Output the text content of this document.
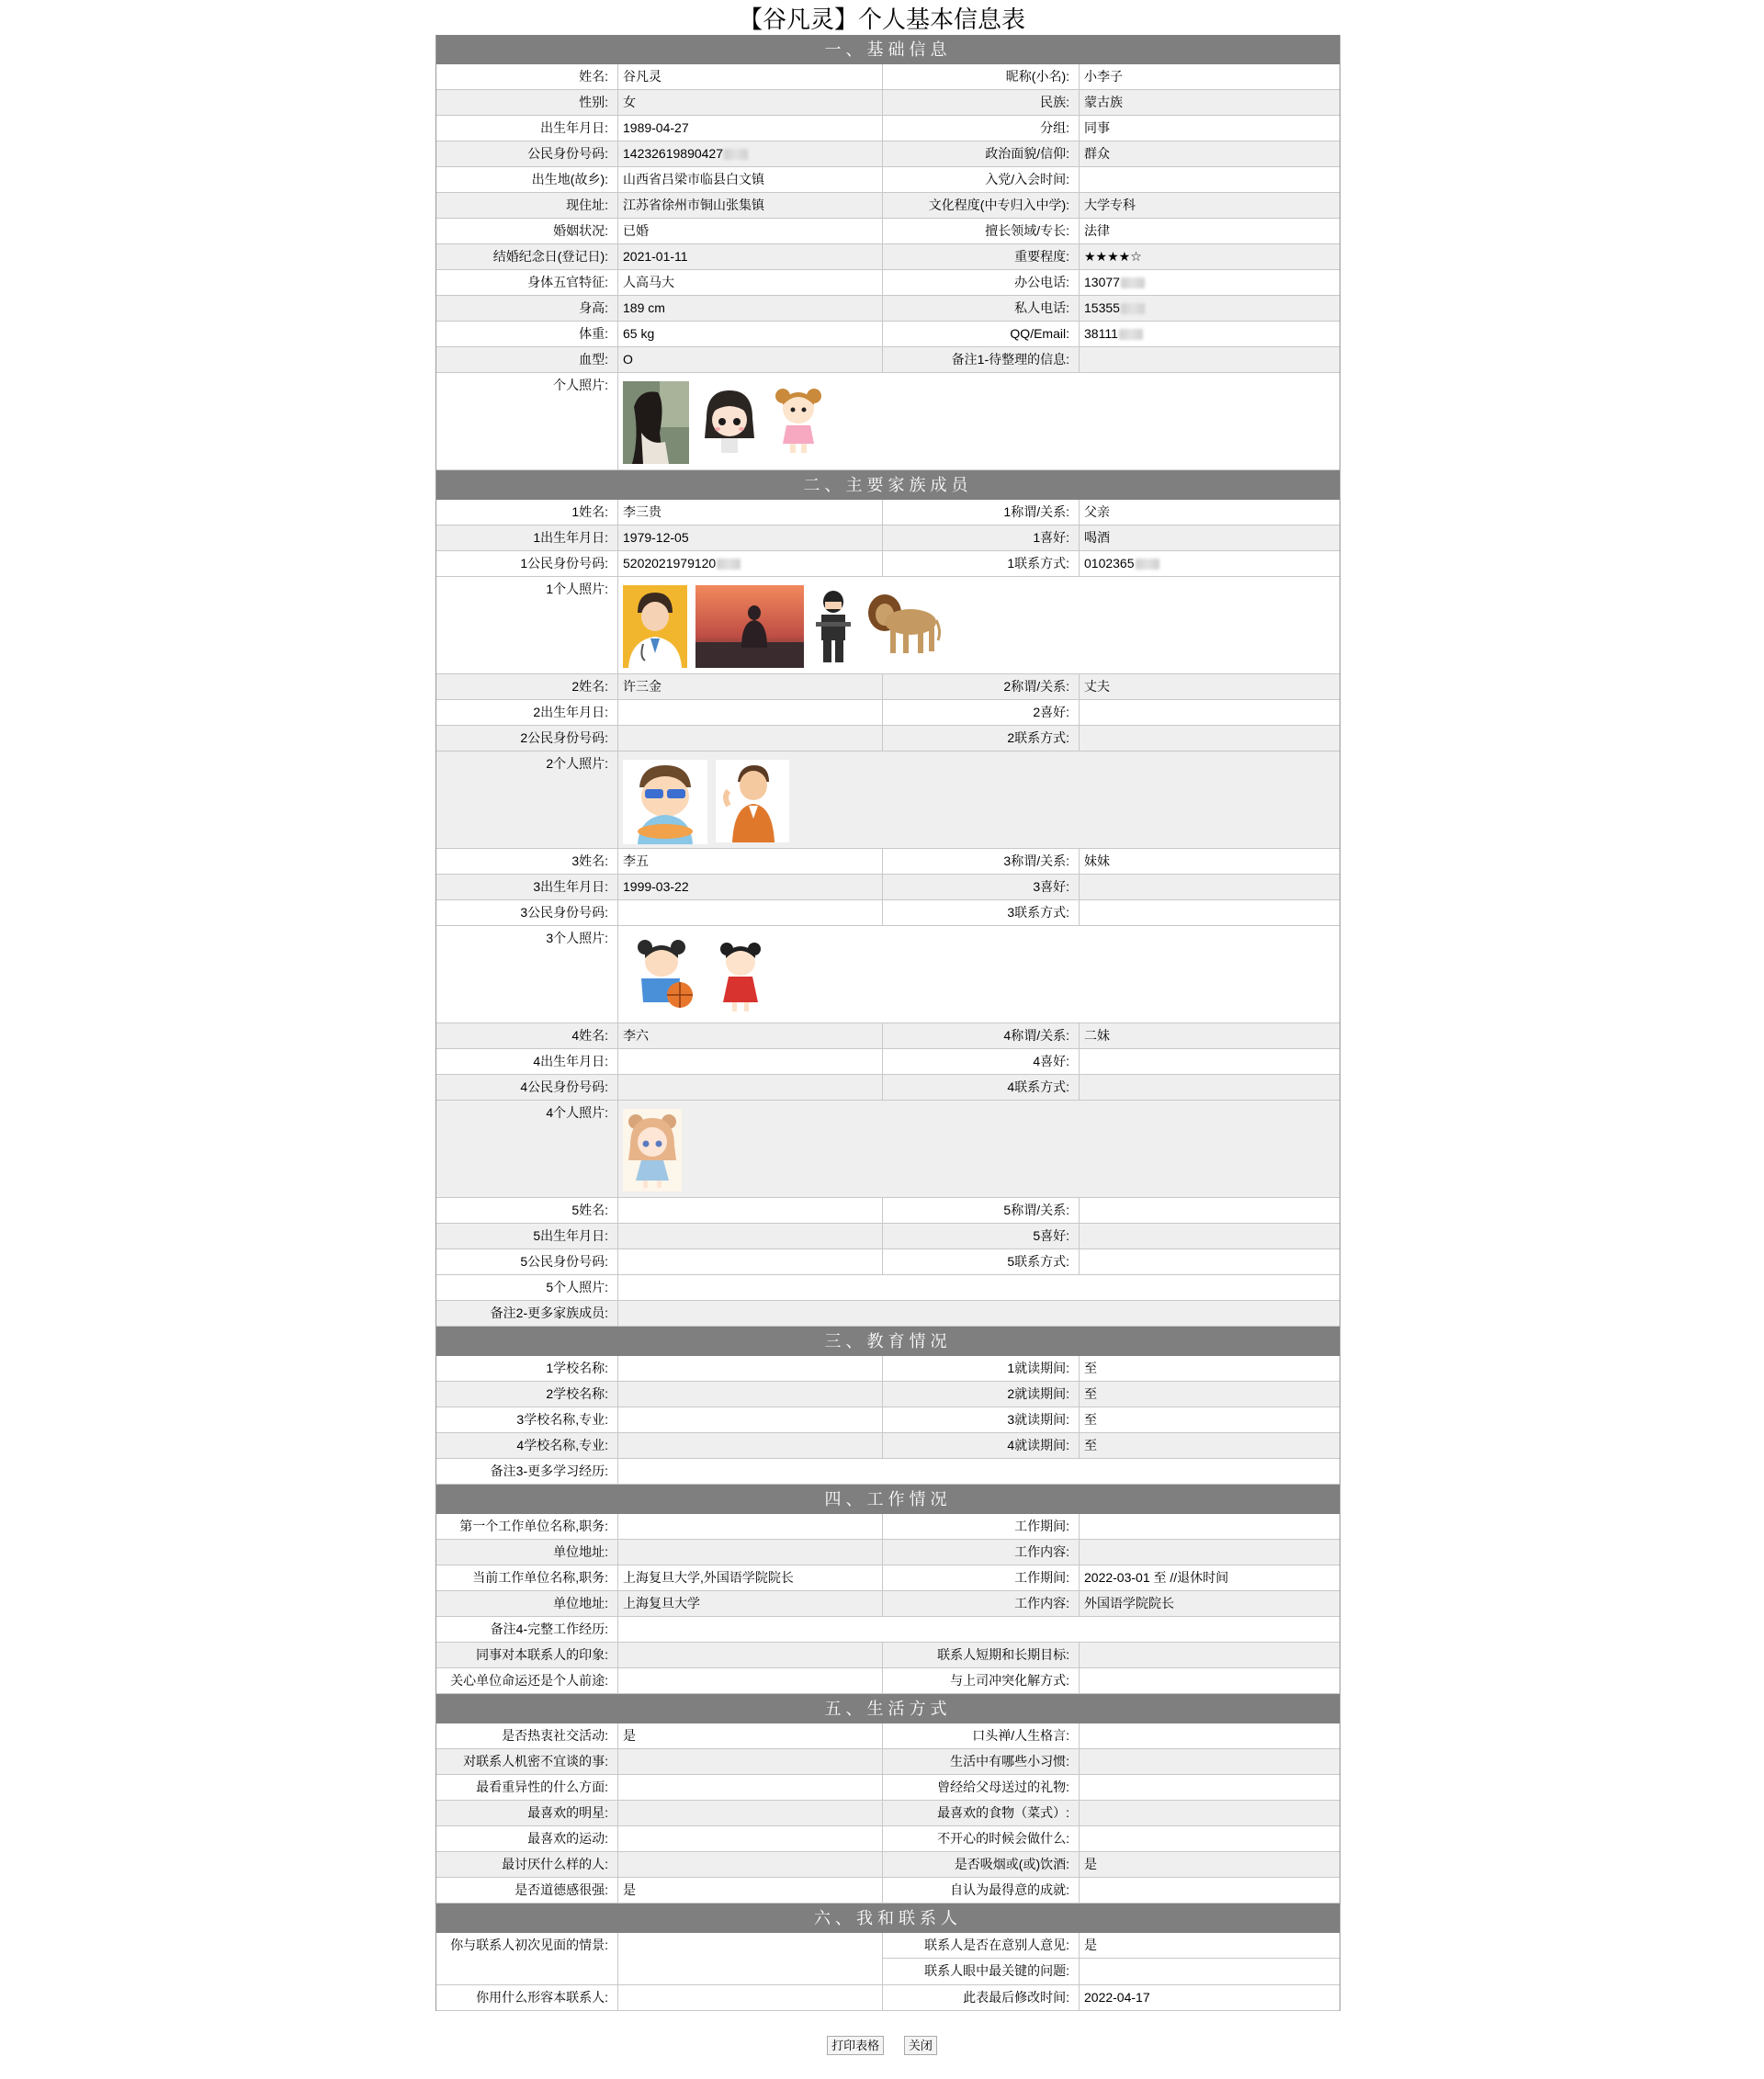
【谷凡灵】个人基本信息表
一、基础信息
姓名:	谷凡灵	昵称(小名):	小李子
性别:	女	民族:	蒙古族
出生年月日:	1989-04-27	分组:	同事
公民身份号码:	14232619890427	政治面貌/信仰:	群众
出生地(故乡):	山西省吕梁市临县白文镇	入党/入会时间:
现住址:	江苏省徐州市铜山张集镇	文化程度(中专归入中学):	大学专科
婚姻状况:	已婚	擅长领域/专长:	法律
结婚纪念日(登记日):	2021-01-11	重要程度:	★★★★☆
身体五官特征:	人高马大	办公电话:	13077
身高:	189 cm	私人电话:	15355
体重:	65 kg	QQ/Email:	38111
血型:	O	备注1-待整理的信息:
个人照片:
二、主要家族成员
1姓名:	李三贵	1称谓/关系:	父亲
1出生年月日:	1979-12-05	1喜好:	喝酒
1公民身份号码:	5202021979120	1联系方式:	0102365
1个人照片:
2姓名:	许三金	2称谓/关系:	丈夫
2出生年月日:	2喜好:
2公民身份号码:	2联系方式:
2个人照片:
3姓名:	李五	3称谓/关系:	妹妹
3出生年月日:	1999-03-22	3喜好:
3公民身份号码:	3联系方式:
3个人照片:
4姓名:	李六	4称谓/关系:	二妹
4出生年月日:	4喜好:
4公民身份号码:	4联系方式:
4个人照片:
5姓名:	5称谓/关系:
5出生年月日:	5喜好:
5公民身份号码:	5联系方式:
5个人照片:
备注2-更多家族成员:
三、教育情况
1学校名称:	1就读期间:	至
2学校名称:	2就读期间:	至
3学校名称,专业:	3就读期间:	至
4学校名称,专业:	4就读期间:	至
备注3-更多学习经历:
四、工作情况
第一个工作单位名称,职务:	工作期间:
单位地址:	工作内容:
当前工作单位名称,职务:	上海复旦大学,外国语学院院长	工作期间:	2022-03-01 至 //退休时间
单位地址:	上海复旦大学	工作内容:	外国语学院院长
备注4-完整工作经历:
同事对本联系人的印象:	联系人短期和长期目标:
关心单位命运还是个人前途:	与上司冲突化解方式:
五、生活方式
是否热衷社交活动:	是	口头禅/人生格言:
对联系人机密不宜谈的事:	生活中有哪些小习惯:
最看重异性的什么方面:	曾经给父母送过的礼物:
最喜欢的明星:	最喜欢的食物（菜式）:
最喜欢的运动:	不开心的时候会做什么:
最讨厌什么样的人:	是否吸烟或(或)饮酒:	是
是否道德感很强:	是	自认为最得意的成就:
六、我和联系人
你与联系人初次见面的情景:	联系人是否在意别人意见:	是
联系人眼中最关键的问题:
你用什么形容本联系人:	此表最后修改时间:	2022-04-17
打印表格 关闭
